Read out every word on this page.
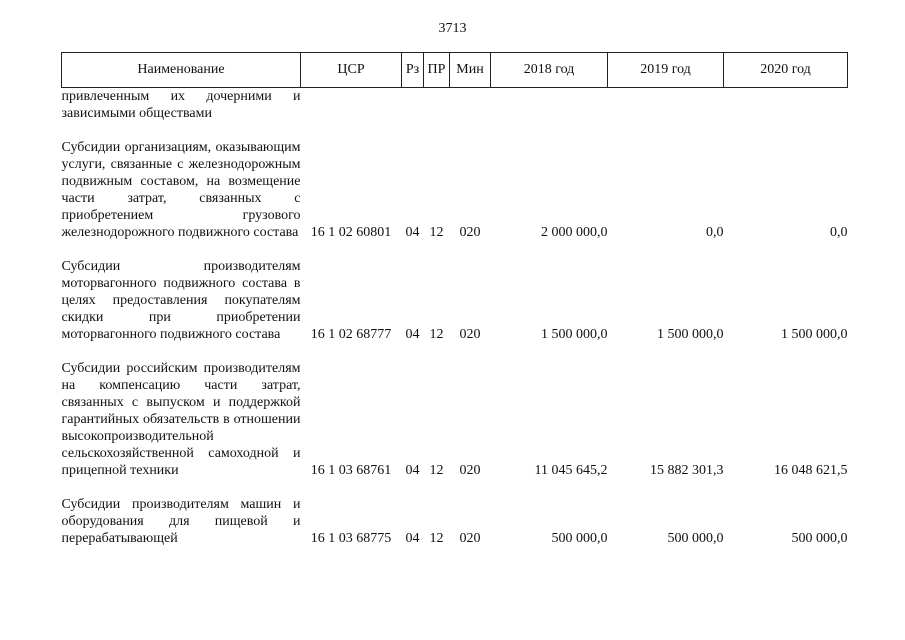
3713
Наименование	ЦСР	Рз	ПР	Мин	2018 год	2019 год	2020 год
привлеченным их дочерними и зависимыми обществами							

Субсидии организациям, оказывающим услуги, связанные с железнодорожным подвижным составом, на возмещение части затрат, связанных с приобретением грузового железнодорожного подвижного состава	16 1 02 60801	04	12	020	2 000 000,0	0,0	0,0

Субсидии производителям моторвагонного подвижного состава в целях предоставления покупателям скидки при приобретении моторвагонного подвижного состава	16 1 02 68777	04	12	020	1 500 000,0	1 500 000,0	1 500 000,0

Субсидии российским производителям на компенсацию части затрат, связанных с выпуском и поддержкой гарантийных обязательств в отношении высокопроизводительной сельскохозяйственной самоходной и прицепной техники	16 1 03 68761	04	12	020	11 045 645,2	15 882 301,3	16 048 621,5

Субсидии производителям машин и оборудования для пищевой и перерабатывающей	16 1 03 68775	04	12	020	500 000,0	500 000,0	500 000,0
